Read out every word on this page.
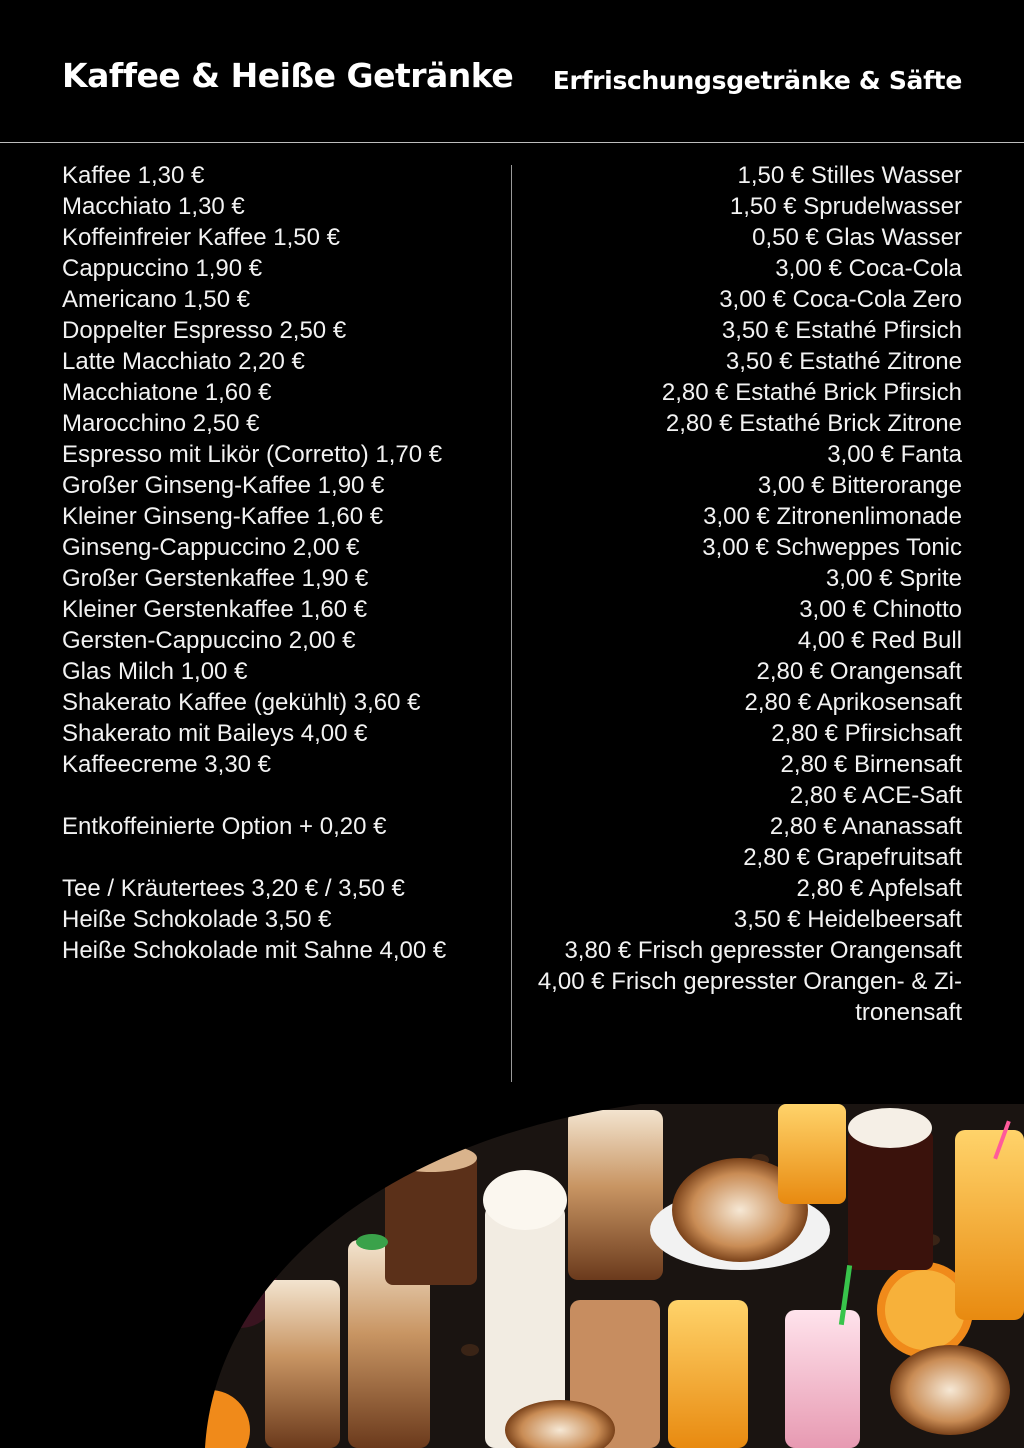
Kaffee & Heiße Getränke Erfrischungsgetränke & Säfte
Kaffee 1,30 €
Macchiato 1,30 €
Koffeinfreier Kaffee 1,50 €
Cappuccino 1,90 €
Americano 1,50 €
Doppelter Espresso 2,50 €
Latte Macchiato 2,20 €
Macchiatone 1,60 €
Marocchino 2,50 €
Espresso mit Likör (Corretto) 1,70 €
Großer Ginseng-Kaffee 1,90 €
Kleiner Ginseng-Kaffee 1,60 €
Ginseng-Cappuccino 2,00 €
Großer Gerstenkaffee 1,90 €
Kleiner Gerstenkaffee 1,60 €
Gersten-Cappuccino 2,00 €
Glas Milch 1,00 €
Shakerato Kaffee (gekühlt) 3,60 €
Shakerato mit Baileys 4,00 €
Kaffeecreme 3,30 €
Entkoffeinierte Option + 0,20 €
Tee / Kräutertees 3,20 € / 3,50 €
Heiße Schokolade 3,50 €
Heiße Schokolade mit Sahne 4,00 €
1,50 € Stilles Wasser
1,50 € Sprudelwasser
0,50 € Glas Wasser
3,00 € Coca-Cola
3,00 € Coca-Cola Zero
3,50 € Estathé Pfirsich
3,50 € Estathé Zitrone
2,80 € Estathé Brick Pfirsich
2,80 € Estathé Brick Zitrone
3,00 € Fanta
3,00 € Bitterorange
3,00 € Zitronenlimonade
3,00 € Schweppes Tonic
3,00 € Sprite
3,00 € Chinotto
4,00 € Red Bull
2,80 € Orangensaft
2,80 € Aprikosensaft
2,80 € Pfirsichsaft
2,80 € Birnensaft
2,80 € ACE-Saft
2,80 € Ananassaft
2,80 € Grapefruitsaft
2,80 € Apfelsaft
3,50 € Heidelbeersaft
3,80 € Frisch gepresster Orangensaft
4,00 € Frisch gepresster Orangen- & Zi-
tronensaft
